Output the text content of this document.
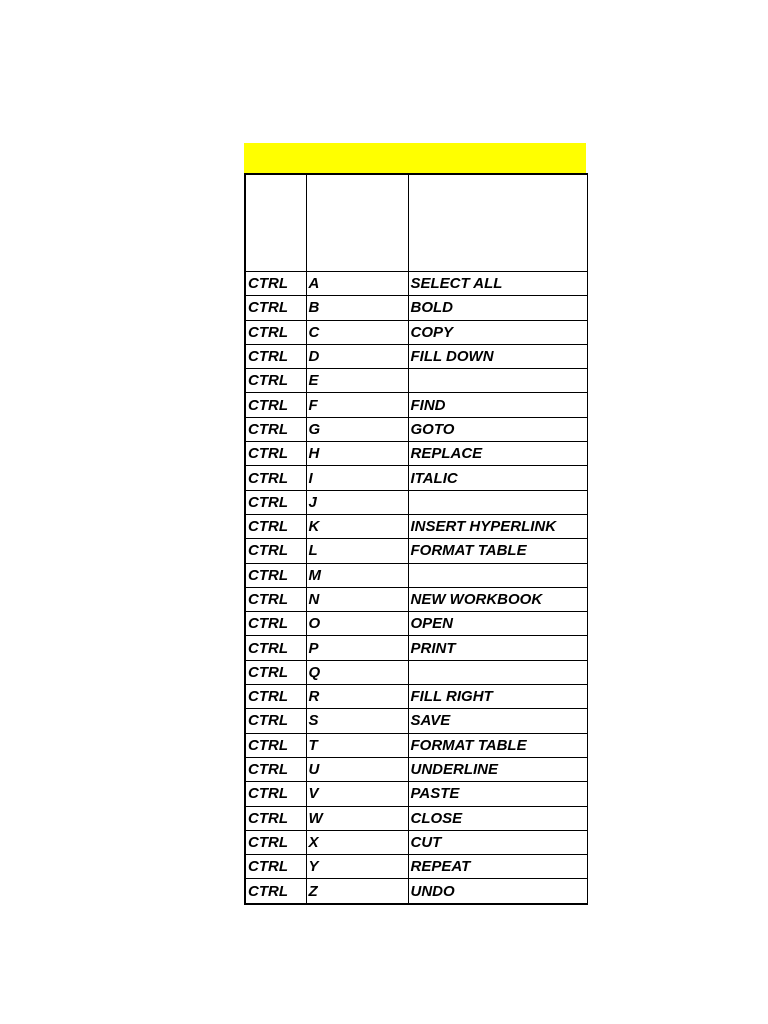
CTRL	A	SELECT ALL
CTRL	B	BOLD
CTRL	C	COPY
CTRL	D	FILL DOWN
CTRL	E	
CTRL	F	FIND
CTRL	G	GOTO
CTRL	H	REPLACE
CTRL	I	ITALIC
CTRL	J	
CTRL	K	INSERT HYPERLINK
CTRL	L	FORMAT TABLE
CTRL	M	
CTRL	N	NEW WORKBOOK
CTRL	O	OPEN
CTRL	P	PRINT
CTRL	Q	
CTRL	R	FILL RIGHT
CTRL	S	SAVE
CTRL	T	FORMAT TABLE
CTRL	U	UNDERLINE
CTRL	V	PASTE
CTRL	W	CLOSE
CTRL	X	CUT
CTRL	Y	REPEAT
CTRL	Z	UNDO
